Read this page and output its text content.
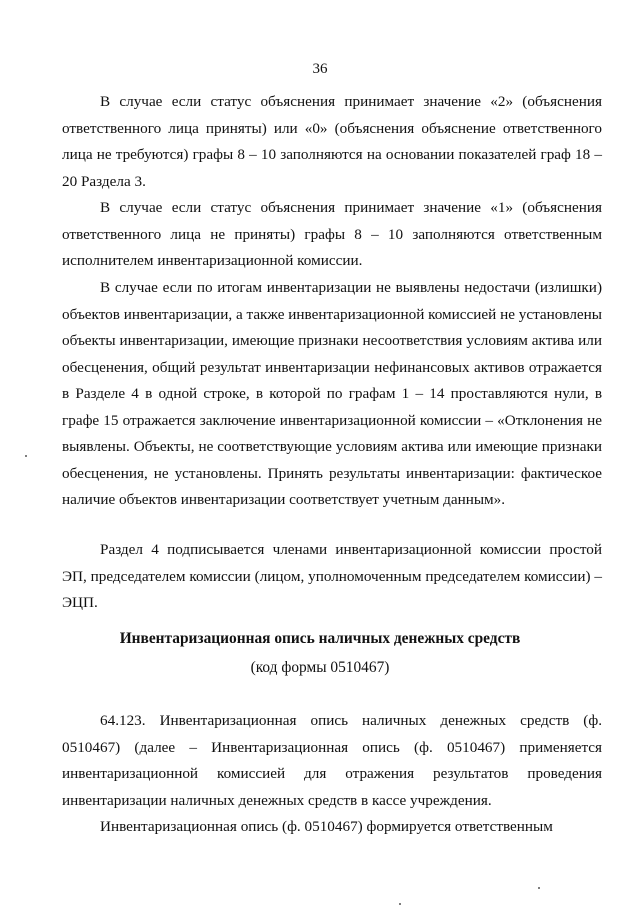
36

В случае если статус объяснения принимает значение «2» (объяснения ответственного лица приняты) или «0» (объяснения объяснение ответственного лица не требуются) графы 8 – 10 заполняются на основании показателей граф 18 – 20 Раздела 3.

В случае если статус объяснения принимает значение «1» (объяснения ответственного лица не приняты) графы 8 – 10 заполняются ответственным исполнителем инвентаризационной комиссии.

В случае если по итогам инвентаризации не выявлены недостачи (излишки) объектов инвентаризации, а также инвентаризационной комиссией не установлены объекты инвентаризации, имеющие признаки несоответствия условиям актива или обесценения, общий результат инвентаризации нефинансовых активов отражается в Разделе 4 в одной строке, в которой по графам 1 – 14 проставляются нули, в графе 15 отражается заключение инвентаризационной комиссии – «Отклонения не выявлены. Объекты, не соответствующие условиям актива или имеющие признаки обесценения, не установлены. Принять результаты инвентаризации: фактическое наличие объектов инвентаризации соответствует учетным данным».

Раздел 4 подписывается членами инвентаризационной комиссии простой ЭП, председателем комиссии (лицом, уполномоченным председателем комиссии) – ЭЦП.

Инвентаризационная опись наличных денежных средств
(код формы 0510467)

64.123. Инвентаризационная опись наличных денежных средств (ф. 0510467) (далее – Инвентаризационная опись (ф. 0510467) применяется инвентаризационной комиссией для отражения результатов проведения инвентаризации наличных денежных средств в кассе учреждения.

Инвентаризационная опись (ф. 0510467) формируется ответственным
